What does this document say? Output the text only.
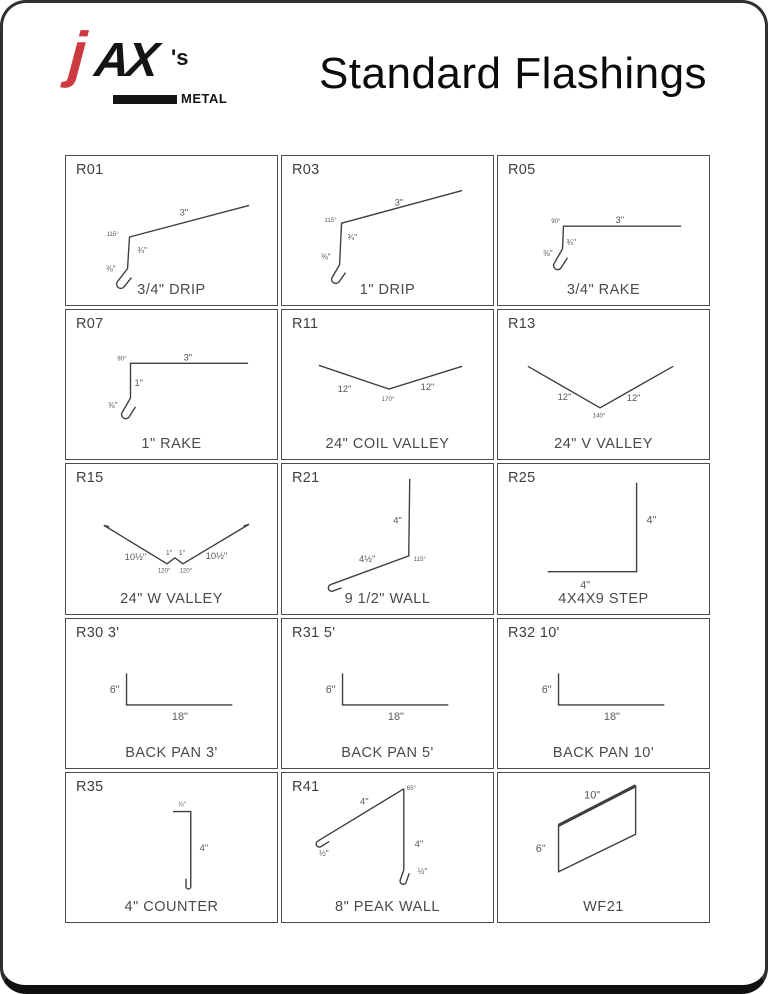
j AX 's
METAL
Standard Flashings
R01
3"
115°
¾"
⅜"
3/4" DRIP
R03
3"
115°
¾"
⅜"
1" DRIP
R05
3"
90°
¾"
⅜"
3/4" RAKE
R07
3"
90°
1"
⅜"
1" RAKE
R11
12"	12"
170°
24" COIL VALLEY
R13
12"	12"
140°
24" V VALLEY
R15
10½"	1" 1" 10½"
120° 120°
24" W VALLEY
R21
4"
4½"	115°
9 1/2" WALL
R25
4"
4"
4X4X9 STEP
R30 3'
6"
18"
BACK PAN 3'
R31 5'
6"
18"
BACK PAN 5'
R32 10'
6"
18"
BACK PAN 10'
R35
⅞"
4"
4" COUNTER
R41	65°
4"
½"
4"
½"
8" PEAK WALL
10"
6"
WF21
